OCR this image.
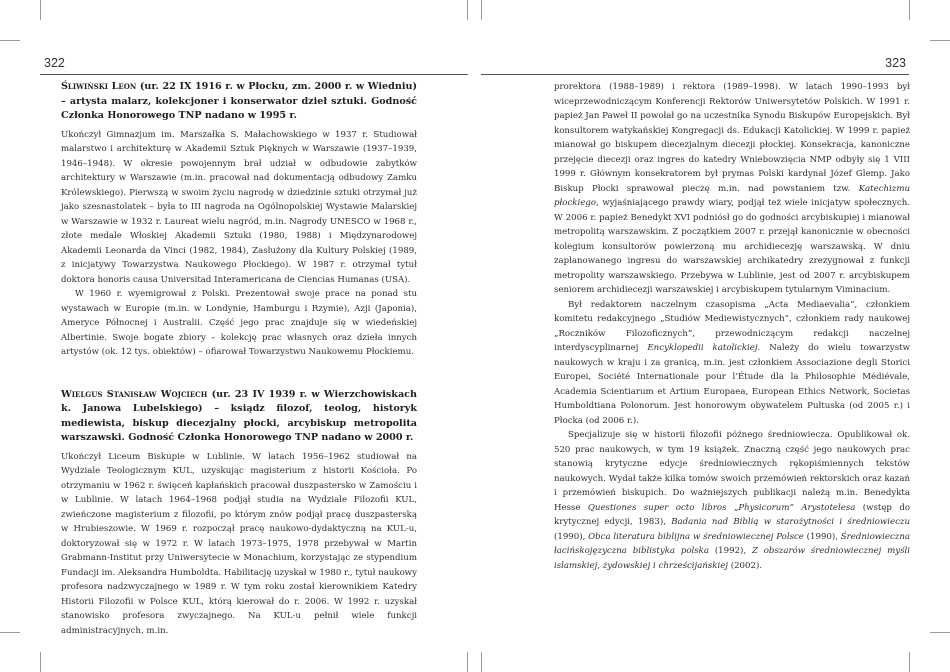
322

Śliwiński Leon (ur. 22 IX 1916 r. w Płocku, zm. 2000 r. w Wiedniu) – artysta malarz, kolekcjoner i konserwator dzieł sztuki. Godność Członka Honorowego TNP nadano w 1995 r.

Ukończył Gimnazjum im. Marszałka S. Małachowskiego w 1937 r. Studiował malarstwo i architekturę w Akademii Sztuk Pięknych w Warszawie (1937–1939, 1946–1948). W okresie powojennym brał udział w odbudowie zabytków architektury w Warszawie (m.in. pracował nad dokumentacją odbudowy Zamku Królewskiego). Pierwszą w swoim życiu nagrodę w dziedzinie sztuki otrzymał już jako szesnastolatek – była to III nagroda na Ogólnopolskiej Wystawie Malarskiej w Warszawie w 1932 r. Laureat wielu nagród, m.in. Nagrody UNESCO w 1968 r., złote medale Włoskiej Akademii Sztuki (1980, 1988) i Międzynarodowej Akademii Leonarda da Vinci (1982, 1984), Zasłużony dla Kultury Polskiej (1989, z inicjatywy Towarzystwa Naukowego Płockiego). W 1987 r. otrzymał tytuł doktora honoris causa Universitad Interamericana de Ciencias Humanas (USA).

W 1960 r. wyemigrował z Polski. Prezentował swoje prace na ponad stu wystawach w Europie (m.in. w Londynie, Hamburgu i Rzymie), Azji (Japonia), Ameryce Północnej i Australii. Część jego prac znajduje się w wiedeńskiej Albertinie. Swoje bogate zbiory – kolekcję prac własnych oraz dzieła innych artystów (ok. 12 tys. obiektów) – ofiarował Towarzystwu Naukowemu Płockiemu.

Wielgus Stanisław Wojciech (ur. 23 IV 1939 r. w Wierzchowiskach k. Janowa Lubelskiego) – ksiądz filozof, teolog, historyk mediewista, biskup diecezjalny płocki, arcybiskup metropolita warszawski. Godność Członka Honorowego TNP nadano w 2000 r.

Ukończył Liceum Biskupie w Lublinie. W latach 1956–1962 studiował na Wydziale Teologicznym KUL, uzyskując magisterium z historii Kościoła. Po otrzymaniu w 1962 r. święceń kapłańskich pracował duszpastersko w Zamościu i w Lublinie. W latach 1964–1968 podjął studia na Wydziale Filozofii KUL, zwieńczone magisterium z filozofii, po którym znów podjął pracę duszpasterską w Hrubieszowie. W 1969 r. rozpoczął pracę naukowo-dydaktyczną na KUL-u, doktoryzował się w 1972 r. W latach 1973–1975, 1978 przebywał w Martin Grabmann-Institut przy Uniwersytecie w Monachium, korzystając ze stypendium Fundacji im. Aleksandra Humboldta. Habilitację uzyskał w 1980 r., tytuł naukowy profesora nadzwyczajnego w 1989 r. W tym roku został kierownikiem Katedry Historii Filozofii w Polsce KUL, którą kierował do r. 2006. W 1992 r. uzyskał stanowisko profesora zwyczajnego. Na KUL-u pełnił wiele funkcji administracyjnych, m.in.

323

prorektora (1988–1989) i rektora (1989–1998). W latach 1990–1993 był wiceprzewodniczącym Konferencji Rektorów Uniwersytetów Polskich. W 1991 r. papież Jan Paweł II powołał go na uczestnika Synodu Biskupów Europejskich. Był konsultorem watykańskiej Kongregacji ds. Edukacji Katolickiej. W 1999 r. papież mianował go biskupem diecezjalnym diecezji płockiej. Konsekracja, kanoniczne przejęcie diecezji oraz ingres do katedry Wniebowzięcia NMP odbyły się 1 VIII 1999 r. Głównym konsekratorem był prymas Polski kardynał Józef Glemp. Jako Biskup Płocki sprawował pieczę m.in. nad powstaniem tzw. Katechizmu płockiego, wyjaśniającego prawdy wiary, podjął też wiele inicjatyw społecznych. W 2006 r. papież Benedykt XVI podniósł go do godności arcybiskupiej i mianował metropolitą warszawskim. Z początkiem 2007 r. przejął kanonicznie w obecności kolegium konsultorów powierzoną mu archidiecezję warszawską. W dniu zaplanowanego ingresu do warszawskiej archikatedry zrezygnował z funkcji metropolity warszawskiego. Przebywa w Lublinie, jest od 2007 r. arcybiskupem seniorem archidiecezji warszawskiej i arcybiskupem tytularnym Viminacium.

Był redaktorem naczelnym czasopisma „Acta Mediaevalia”, członkiem komitetu redakcyjnego „Studiów Mediewistycznych”, członkiem rady naukowej „Roczników Filozoficznych”, przewodniczącym redakcji naczelnej interdyscyplinarnej Encyklopedii katolickiej. Należy do wielu towarzystw naukowych w kraju i za granicą, m.in. jest członkiem Associazione degli Storici Europei, Société Internationale pour l’Étude dla la Philosophie Médiévale, Academia Scientiarum et Artium Europaea, European Ethics Network, Societas Humboldtiana Polonorum. Jest honorowym obywatelem Pułtuska (od 2005 r.) i Płocka (od 2006 r.).

Specjalizuje się w historii filozofii późnego średniowiecza. Opublikował ok. 520 prac naukowych, w tym 19 książek. Znaczną część jego naukowych prac stanowią krytyczne edycje średniowiecznych rękopiśmiennych tekstów naukowych. Wydał także kilka tomów swoich przemówień rektorskich oraz kazań i przemówień biskupich. Do ważniejszych publikacji należą m.in. Benedykta Hesse Questiones super octo libros „Physicorum” Arystotelesa (wstęp do krytycznej edycji, 1983), Badania nad Biblią w starożytności i średniowieczu (1990), Obca literatura biblijna w średniowiecznej Polsce (1990), Średniowieczna łacińskojęzyczna biblistyka polska (1992), Z obszarów średniowiecznej myśli islamskiej, żydowskiej i chrześcijańskiej (2002).
